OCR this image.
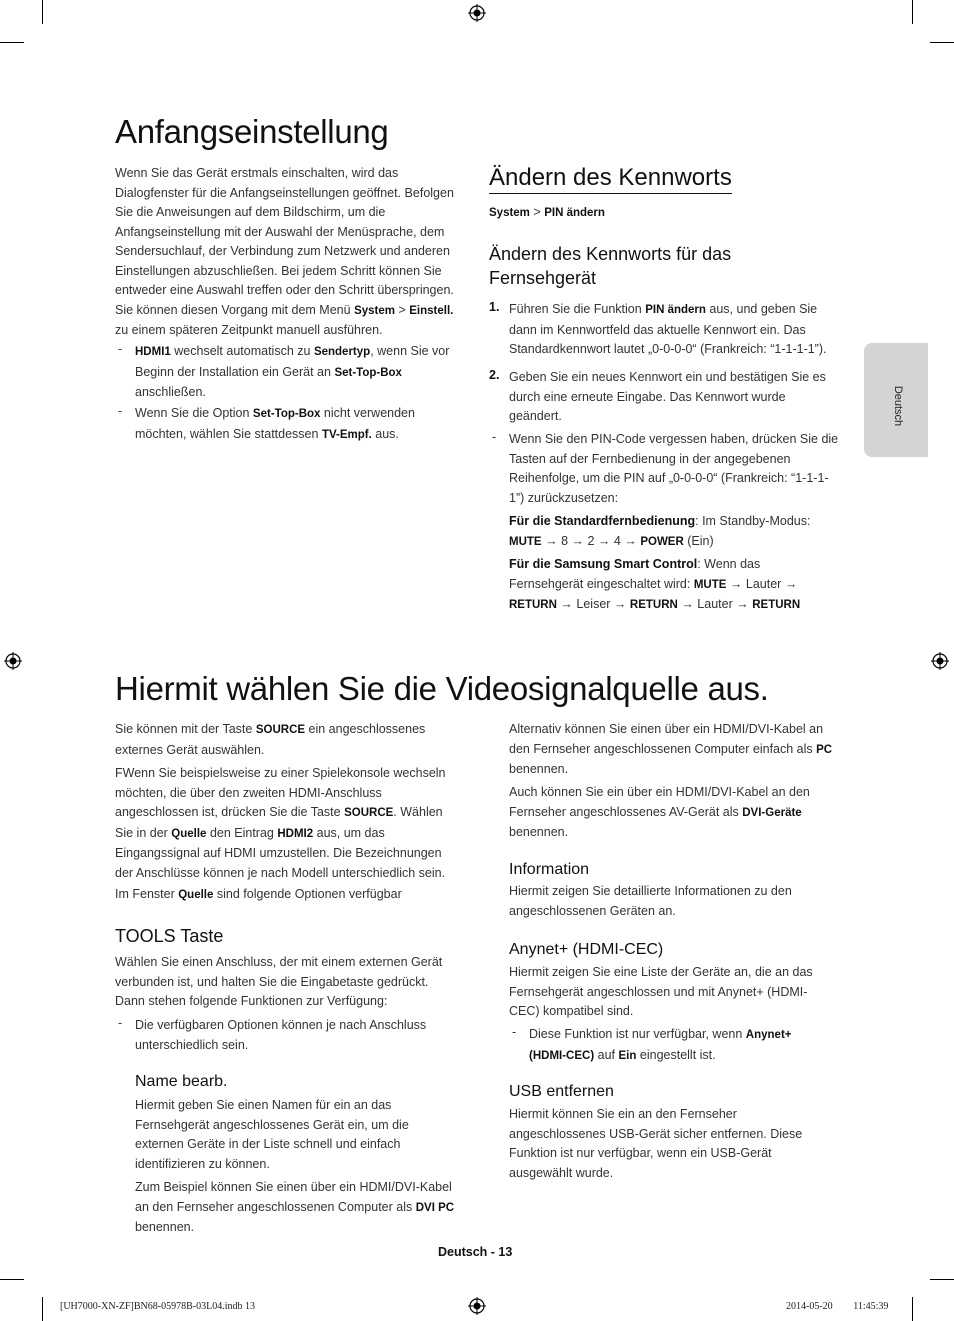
Deutsch
Anfangseinstellung

Wenn Sie das Gerät erstmals einschalten, wird das Dialogfenster für die Anfangseinstellungen geöffnet. Befolgen Sie die Anweisungen auf dem Bildschirm, um die Anfangseinstellung mit der Auswahl der Menüsprache, dem Sendersuchlauf, der Verbindung zum Netzwerk und anderen Einstellungen abzuschließen. Bei jedem Schritt können Sie entweder eine Auswahl treffen oder den Schritt überspringen. Sie können diesen Vorgang mit dem Menü System > Einstell. zu einem späteren Zeitpunkt manuell ausführen.

- HDMI1 wechselt automatisch zu Sendertyp, wenn Sie vor Beginn der Installation ein Gerät an Set-Top-Box anschließen.

- Wenn Sie die Option Set-Top-Box nicht verwenden möchten, wählen Sie stattdessen TV-Empf. aus.

Ändern des Kennworts

System > PIN ändern

Ändern des Kennworts für das Fernsehgerät
1. Führen Sie die Funktion PIN ändern aus, und geben Sie dann im Kennwortfeld das aktuelle Kennwort ein. Das Standardkennwort lautet „0-0-0-0“ (Frankreich: “1-1-1-1”).

2. Geben Sie ein neues Kennwort ein und bestätigen Sie es durch eine erneute Eingabe. Das Kennwort wurde geändert.

- Wenn Sie den PIN-Code vergessen haben, drücken Sie die Tasten auf der Fernbedienung in der angegebenen Reihenfolge, um die PIN auf „0-0-0-0“ (Frankreich: “1-1-1-1”) zurückzusetzen:

Für die Standardfernbedienung: Im Standby-Modus:
MUTE → 8 → 2 → 4 → POWER (Ein)

Für die Samsung Smart Control: Wenn das Fernsehgerät eingeschaltet wird: MUTE → Lauter →
RETURN → Leiser → RETURN → Lauter → RETURN

Hiermit wählen Sie die Videosignalquelle aus.

Sie können mit der Taste SOURCE ein angeschlossenes externes Gerät auswählen.

FWenn Sie beispielsweise zu einer Spielekonsole wechseln möchten, die über den zweiten HDMI-Anschluss angeschlossen ist, drücken Sie die Taste SOURCE. Wählen Sie in der Quelle den Eintrag HDMI2 aus, um das Eingangssignal auf HDMI umzustellen. Die Bezeichnungen der Anschlüsse können je nach Modell unterschiedlich sein.

Im Fenster Quelle sind folgende Optionen verfügbar

TOOLS Taste

Wählen Sie einen Anschluss, der mit einem externen Gerät verbunden ist, und halten Sie die Eingabetaste gedrückt. Dann stehen folgende Funktionen zur Verfügung:

- Die verfügbaren Optionen können je nach Anschluss unterschiedlich sein.

Name bearb.

Hiermit geben Sie einen Namen für ein an das Fernsehgerät angeschlossenes Gerät ein, um die externen Geräte in der Liste schnell und einfach identifizieren zu können.

Zum Beispiel können Sie einen über ein HDMI/DVI-Kabel an den Fernseher angeschlossenen Computer als DVI PC benennen.

Alternativ können Sie einen über ein HDMI/DVI-Kabel an den Fernseher angeschlossenen Computer einfach als PC benennen.

Auch können Sie ein über ein HDMI/DVI-Kabel an den Fernseher angeschlossenes AV-Gerät als DVI-Geräte benennen.

Information

Hiermit zeigen Sie detaillierte Informationen zu den angeschlossenen Geräten an.

Anynet+ (HDMI-CEC)

Hiermit zeigen Sie eine Liste der Geräte an, die an das Fernsehgerät angeschlossen und mit Anynet+ (HDMI-CEC) kompatibel sind.

- Diese Funktion ist nur verfügbar, wenn Anynet+ (HDMI-CEC) auf Ein eingestellt ist.

USB entfernen

Hiermit können Sie ein an den Fernseher angeschlossenes USB-Gerät sicher entfernen. Diese Funktion ist nur verfügbar, wenn ein USB-Gerät ausgewählt wurde.

Deutsch - 13
[UH7000-XN-ZF]BN68-05978B-03L04.indb 13	2014-05-20 ￿￿ 11:45:39
